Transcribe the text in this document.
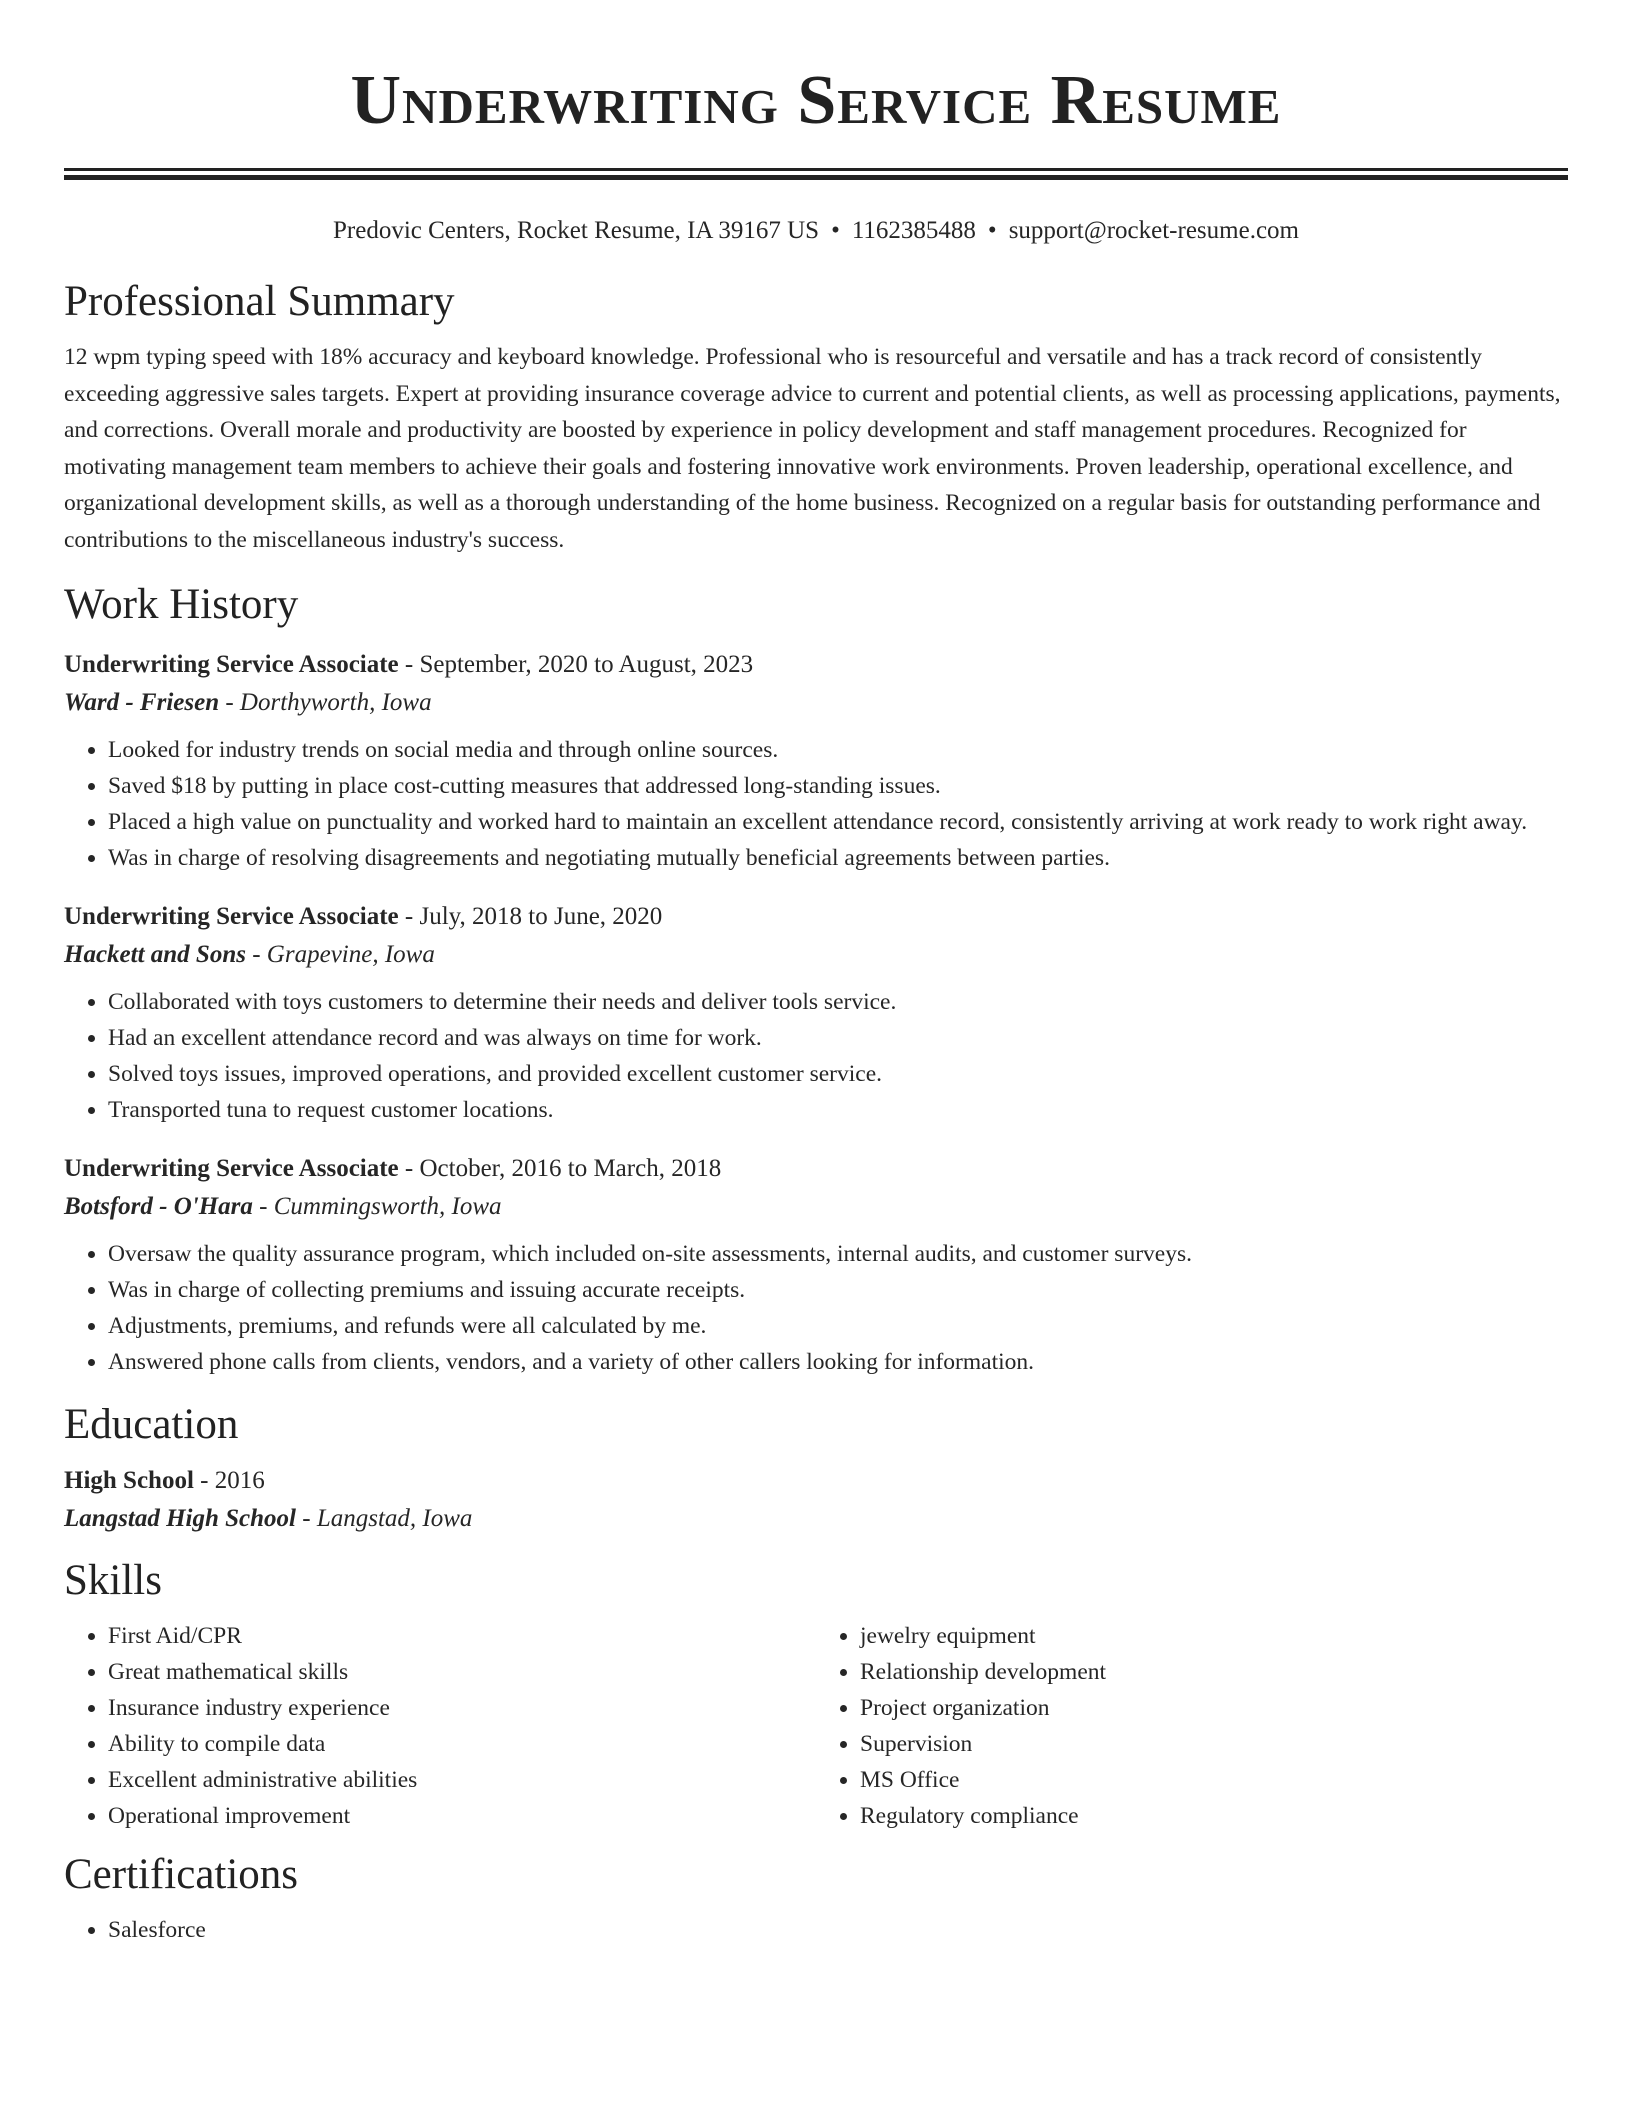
Underwriting Service Resume
Predovic Centers, Rocket Resume, IA 39167 US • 1162385488 • support@rocket-resume.com
Professional Summary

12 wpm typing speed with 18% accuracy and keyboard knowledge. Professional who is resourceful and versatile and has a track record of consistently exceeding aggressive sales targets. Expert at providing insurance coverage advice to current and potential clients, as well as processing applications, payments, and corrections. Overall morale and productivity are boosted by experience in policy development and staff management procedures. Recognized for motivating management team members to achieve their goals and fostering innovative work environments. Proven leadership, operational excellence, and organizational development skills, as well as a thorough understanding of the home business. Recognized on a regular basis for outstanding performance and contributions to the miscellaneous industry's success.

Work History
Underwriting Service Associate - September, 2020 to August, 2023
Ward - Friesen - Dorthyworth, Iowa
• Looked for industry trends on social media and through online sources.
• Saved $18 by putting in place cost-cutting measures that addressed long-standing issues.
• Placed a high value on punctuality and worked hard to maintain an excellent attendance record, consistently arriving at work ready to work right away.
• Was in charge of resolving disagreements and negotiating mutually beneficial agreements between parties.
Underwriting Service Associate - July, 2018 to June, 2020
Hackett and Sons - Grapevine, Iowa
• Collaborated with toys customers to determine their needs and deliver tools service.
• Had an excellent attendance record and was always on time for work.
• Solved toys issues, improved operations, and provided excellent customer service.
• Transported tuna to request customer locations.
Underwriting Service Associate - October, 2016 to March, 2018
Botsford - O'Hara - Cummingsworth, Iowa
• Oversaw the quality assurance program, which included on-site assessments, internal audits, and customer surveys.
• Was in charge of collecting premiums and issuing accurate receipts.
• Adjustments, premiums, and refunds were all calculated by me.
• Answered phone calls from clients, vendors, and a variety of other callers looking for information.
Education
High School - 2016
Langstad High School - Langstad, Iowa
Skills
• First Aid/CPR
• Great mathematical skills
• Insurance industry experience
• Ability to compile data
• Excellent administrative abilities
• Operational improvement
• jewelry equipment
• Relationship development
• Project organization
• Supervision
• MS Office
• Regulatory compliance
Certifications
• Salesforce
